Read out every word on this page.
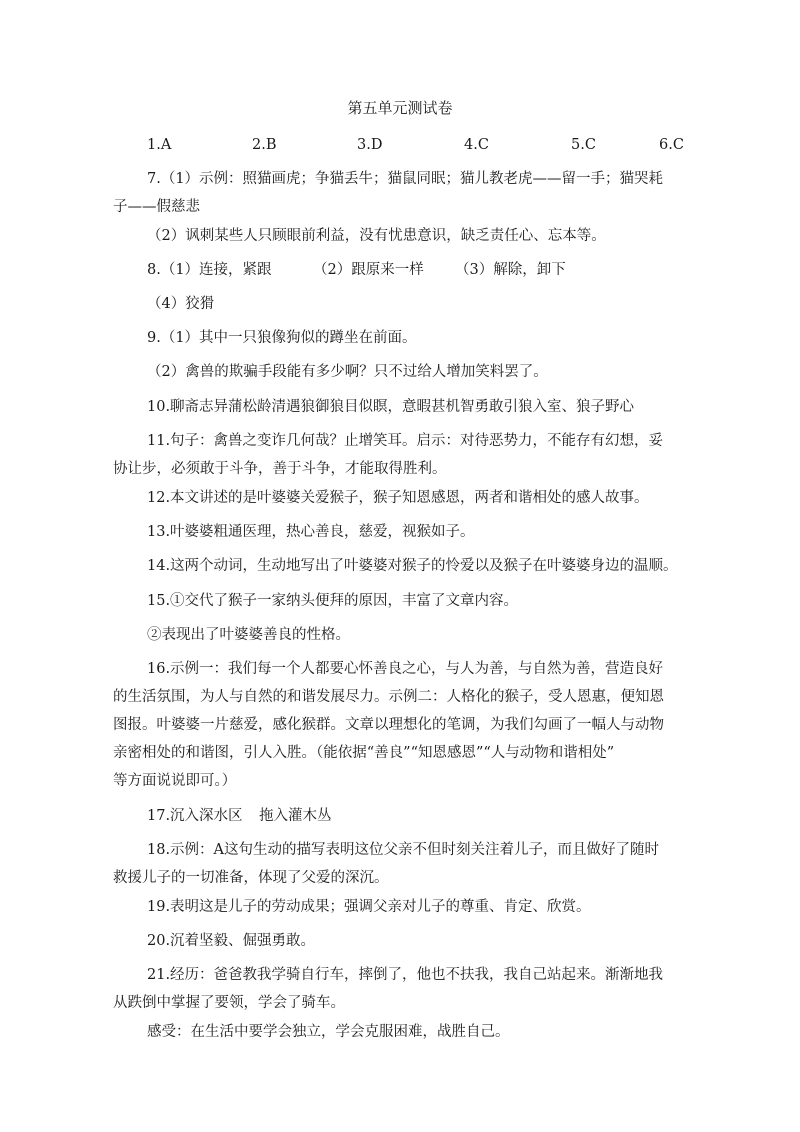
第五单元测试卷
1.A	2.B	3.D	4.C	5.C	6.C
7.（1）示例：照猫画虎；争猫丢牛；猫鼠同眠；猫儿教老虎——留一手；猫哭耗
子——假慈悲
（2）讽刺某些人只顾眼前利益，没有忧患意识，缺乏责任心、忘本等。
8.（1）连接，紧跟	（2）跟原来一样 （3）解除，卸下
（4）狡猾
9.（1）其中一只狼像狗似的蹲坐在前面。
（2）禽兽的欺骗手段能有多少啊？只不过给人增加笑料罢了。
10.聊斋志异蒲松龄清遇狼御狼目似瞑，意暇甚机智勇敢引狼入室、狼子野心
11.句子：禽兽之变诈几何哉？止增笑耳。启示：对待恶势力，不能存有幻想，妥
协让步，必须敢于斗争，善于斗争，才能取得胜利。
12.本文讲述的是叶婆婆关爱猴子，猴子知恩感恩，两者和谐相处的感人故事。
13.叶婆婆粗通医理，热心善良，慈爱，视猴如子。
14.这两个动词，生动地写出了叶婆婆对猴子的怜爱以及猴子在叶婆婆身边的温顺。
15.①交代了猴子一家纳头便拜的原因，丰富了文章内容。
②表现出了叶婆婆善良的性格。
16.示例一：我们每一个人都要心怀善良之心，与人为善，与自然为善，营造良好
的生活氛围，为人与自然的和谐发展尽力。示例二：人格化的猴子，受人恩惠，便知恩
图报。叶婆婆一片慈爱，感化猴群。文章以理想化的笔调，为我们勾画了一幅人与动物
亲密相处的和谐图，引人入胜。（能依据“善良”“知恩感恩”“人与动物和谐相处”
等方面说说即可。）
17.沉入深水区 拖入灌木丛
18.示例：A这句生动的描写表明这位父亲不但时刻关注着儿子，而且做好了随时
救援儿子的一切准备，体现了父爱的深沉。
19.表明这是儿子的劳动成果；强调父亲对儿子的尊重、肯定、欣赏。
20.沉着坚毅、倔强勇敢。
21.经历：爸爸教我学骑自行车，摔倒了，他也不扶我，我自己站起来。渐渐地我
从跌倒中掌握了要领，学会了骑车。
感受：在生活中要学会独立，学会克服困难，战胜自己。
